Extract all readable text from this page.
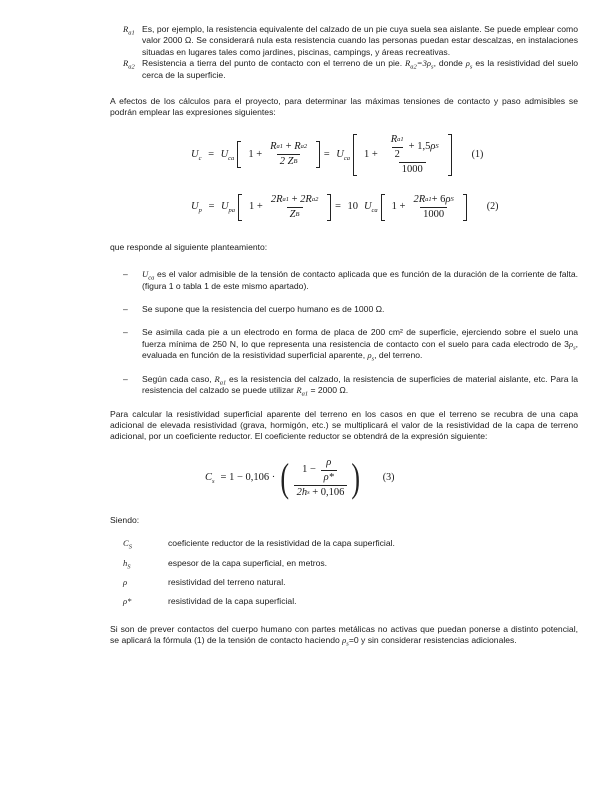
$R_{a1}$ Es, por ejemplo, la resistencia equivalente del calzado de un pie cuya suela sea aislante. Se puede emplear como valor 2000 Ω. Se considerará nula esta resistencia cuando las personas puedan estar descalzas, en instalaciones situadas en lugares tales como jardines, piscinas, campings, y áreas recreativas.
$R_{a2}$ Resistencia a tierra del punto de contacto con el terreno de un pie. $R_{a2}=3\rho_s$, donde $\rho_s$ es la resistividad del suelo cerca de la superficie.
A efectos de los cálculos para el proyecto, para determinar las máximas tensiones de contacto y paso admisibles se podrán emplear las expresiones siguientes:
$U_c = U_{ca}$ 1 + R a1
+
R a2
2 Z $B = U_{ca}$ $1 + \frac{\frac{\text{R a1}}{2} + 1,5 \rho S}{1000}$	(1)
$U_p = U_{pa}$ 1 + 2R a1
+
2R a2
Z B = 10 $U_{ca}$ $1 + \frac{\text{2R a1 + 6 ρ S}}{1000}$	(2)
que responde al siguiente planteamiento:
–	$U_{ca}$ es el valor admisible de la tensión de contacto aplicada que es función de la duración de la corriente de falta. (figura 1 o tabla 1 de este mismo apartado).
–	Se supone que la resistencia del cuerpo humano es de 1000 Ω.
–	Se asimila cada pie a un electrodo en forma de placa de 200 cm² de superficie, ejerciendo sobre el suelo una fuerza mínima de 250 N, lo que representa una resistencia de contacto con el suelo para cada electrodo de $3\rho_s$, evaluada en función de la resistividad superficial aparente, $\rho_s$, del terreno.
–	Según cada caso, $R_{a1}$ es la resistencia del calzado, la resistencia de superficies de material aislante, etc. Para la resistencia del calzado se puede utilizar $R_{a1} = 2000$ Ω.
Para calcular la resistividad superficial aparente del terreno en los casos en que el terreno se recubra de una capa adicional de elevada resistividad (grava, hormigón, etc.) se multiplicará el valor de la resistividad de la capa de terreno adicional, por un coeficiente reductor. El coeficiente reductor se obtendrá de la expresión siguiente:
$C_s = 1 - 0,106$ · ( 1 −
$\frac{\rho}{\rho*}$
2h s
+ 0,106 ) (3)
Siendo:
$C_S$	coeficiente reductor de la resistividad de la capa superficial.
$h_S$	espesor de la capa superficial, en metros.
ρ	resistividad del terreno natural.
ρ*	resistividad de la capa superficial.
Si son de prever contactos del cuerpo humano con partes metálicas no activas que puedan ponerse a distinto potencial, se aplicará la fórmula (1) de la tensión de contacto haciendo $\rho_s=0$ y sin considerar resistencias adicionales.
